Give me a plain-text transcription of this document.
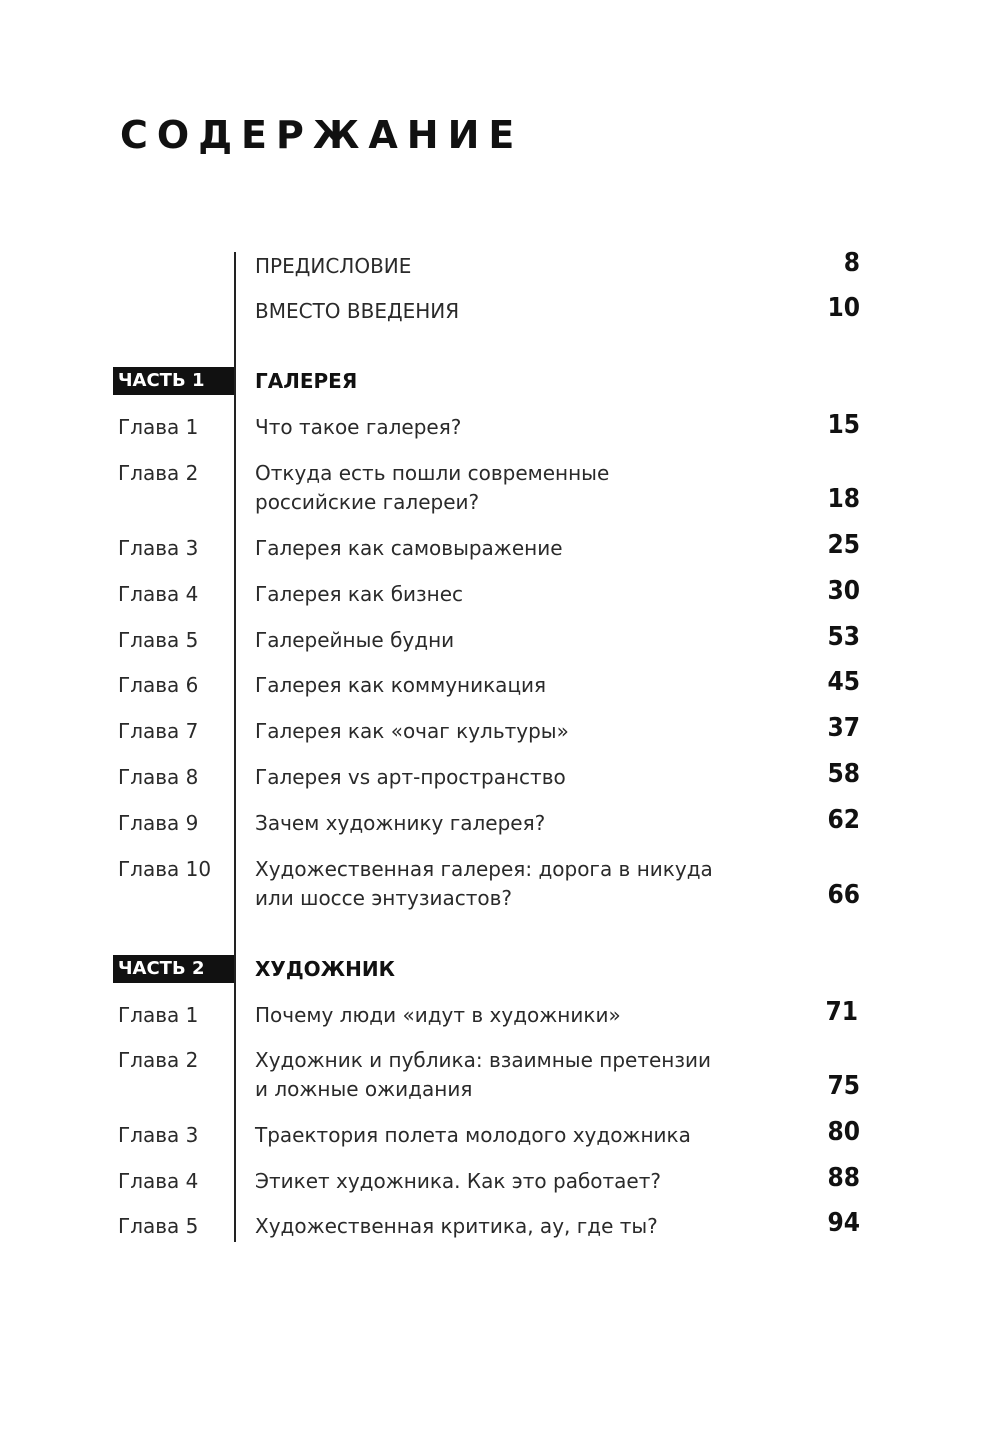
СОДЕРЖАНИЕ
ПРЕДИСЛОВИЕ	8
ВМЕСТО ВВЕДЕНИЯ	10
ЧАСТЬ 1	ГАЛЕРЕЯ
Глава 1	Что такое галерея?	15
Глава 2	Откуда есть пошли современные
российские галереи?	18
Глава 3	Галерея как самовыражение	25
Глава 4	Галерея как бизнес	30
Глава 5	Галерейные будни	53
Глава 6	Галерея как коммуникация	45
Глава 7	Галерея как «очаг культуры»	37
Глава 8	Галерея vs арт-пространство	58
Глава 9	Зачем художнику галерея?	62
Глава 10 Художественная галерея: дорога в никуда
или шоссе энтузиастов?	66
ЧАСТЬ 2	ХУДОЖНИК
Глава 1	Почему люди «идут в художники»	71
Глава 2	Художник и публика: взаимные претензии
и ложные ожидания	75
Глава 3	Траектория полета молодого художника	80
Глава 4	Этикет художника. Как это работает?	88
Глава 5	Художественная критика, ау, где ты?	94
